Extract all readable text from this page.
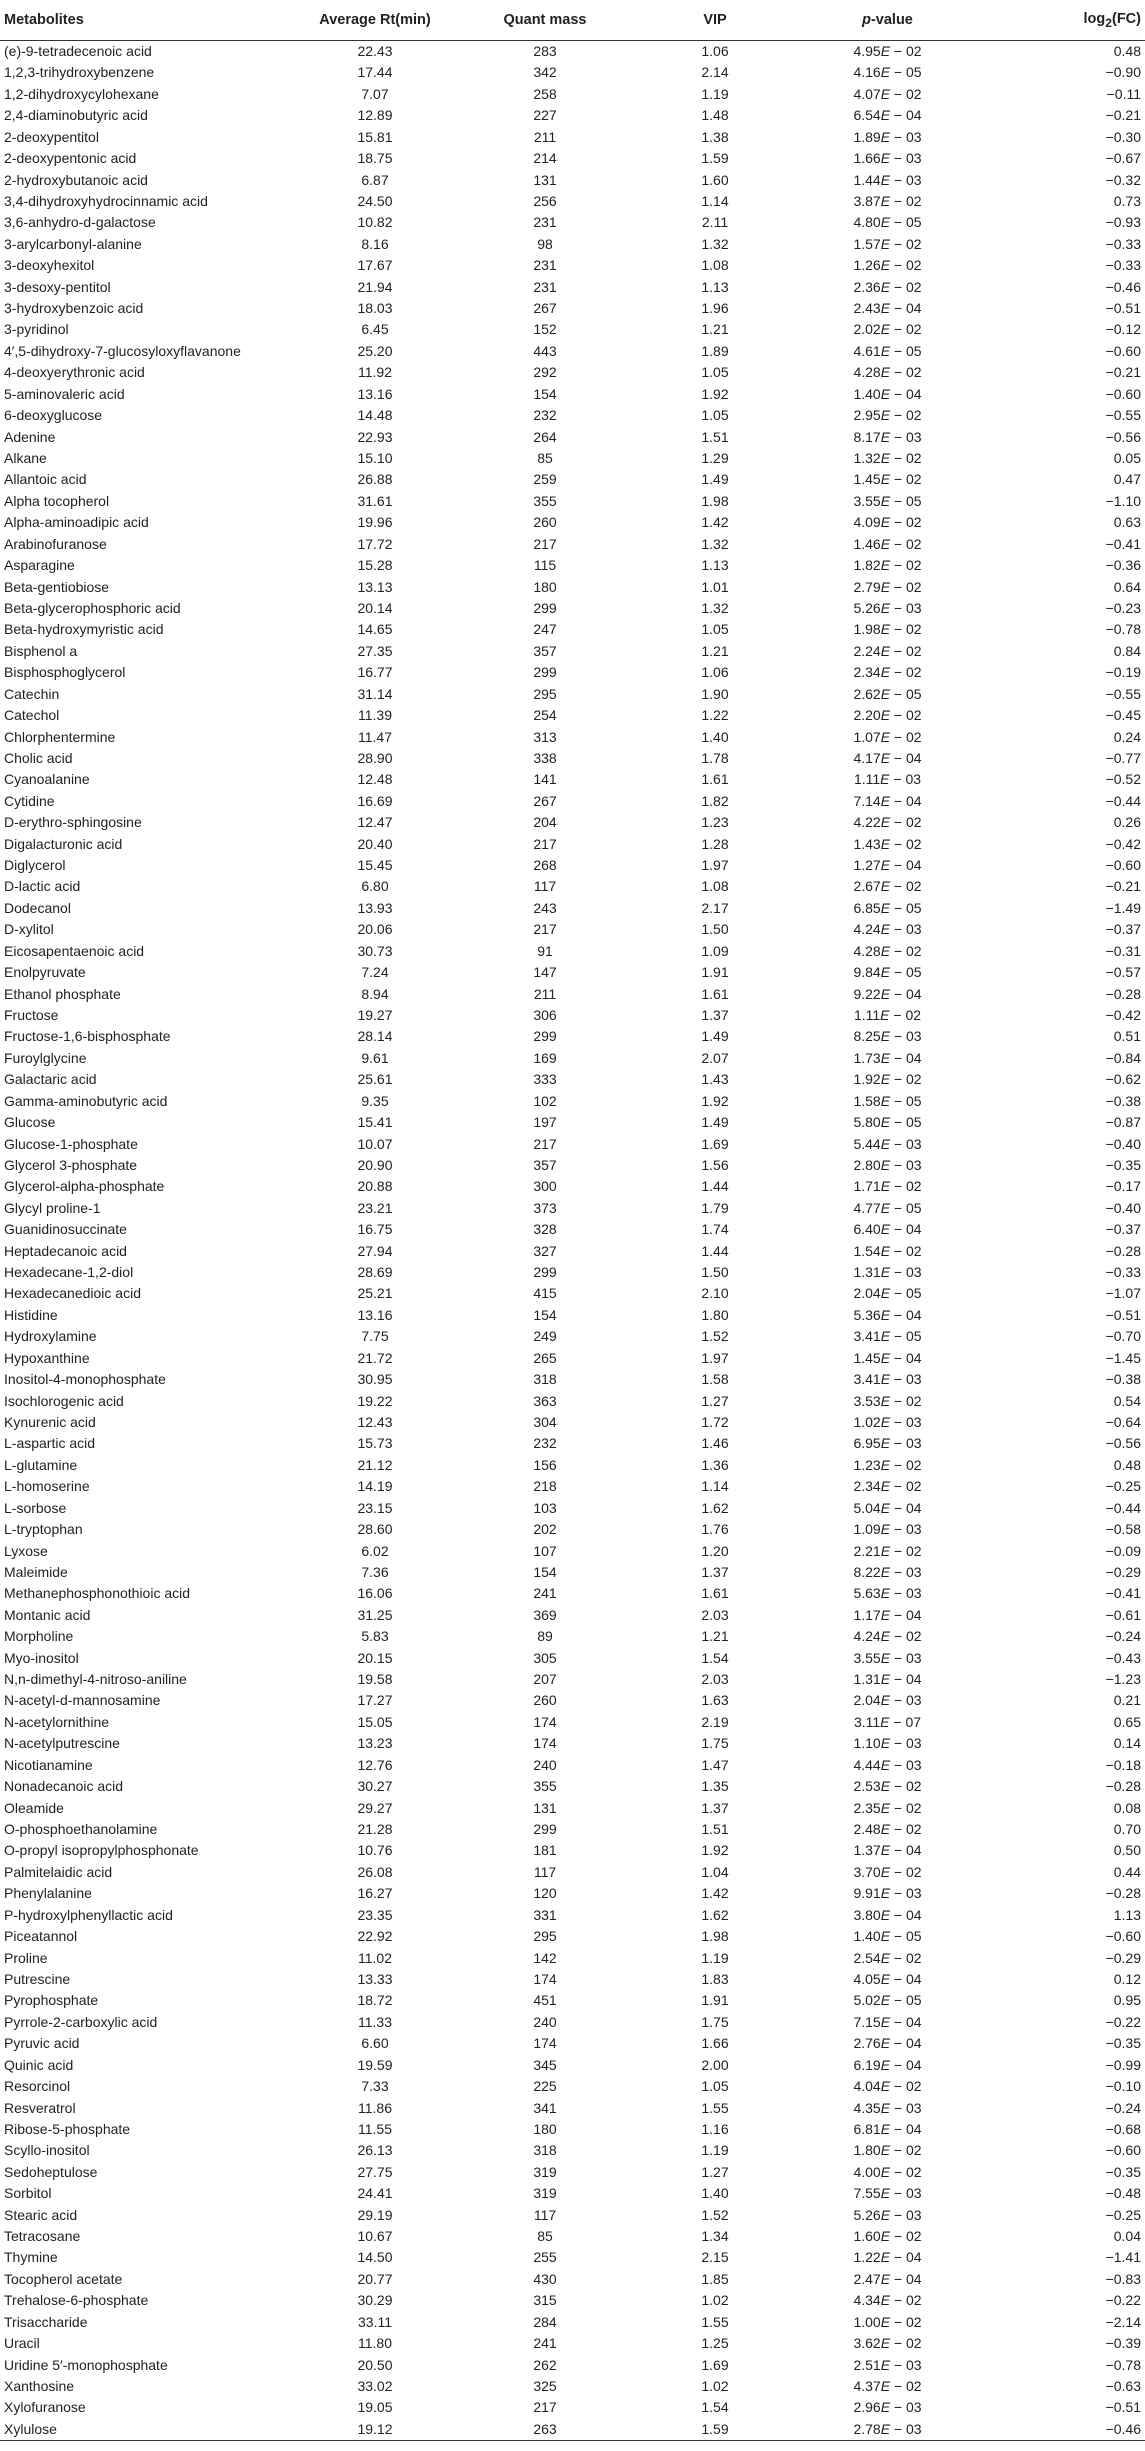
Metabolites	Average Rt(min)	Quant mass	VIP	p-value	$\log_2(FC)$
(e)-9-tetradecenoic acid	22.43	283	1.06	4.95E − 02	0.48
1,2,3-trihydroxybenzene	17.44	342	2.14	4.16E − 05	−0.90
1,2-dihydroxycylohexane	7.07	258	1.19	4.07E − 02	−0.11
2,4-diaminobutyric acid	12.89	227	1.48	6.54E − 04	−0.21
2-deoxypentitol	15.81	211	1.38	1.89E − 03	−0.30
2-deoxypentonic acid	18.75	214	1.59	1.66E − 03	−0.67
2-hydroxybutanoic acid	6.87	131	1.60	1.44E − 03	−0.32
3,4-dihydroxyhydrocinnamic acid	24.50	256	1.14	3.87E − 02	0.73
3,6-anhydro-d-galactose	10.82	231	2.11	4.80E − 05	−0.93
3-arylcarbonyl-alanine	8.16	98	1.32	1.57E − 02	−0.33
3-deoxyhexitol	17.67	231	1.08	1.26E − 02	−0.33
3-desoxy-pentitol	21.94	231	1.13	2.36E − 02	−0.46
3-hydroxybenzoic acid	18.03	267	1.96	2.43E − 04	−0.51
3-pyridinol	6.45	152	1.21	2.02E − 02	−0.12
4′,5-dihydroxy-7-glucosyloxyflavanone	25.20	443	1.89	4.61E − 05	−0.60
4-deoxyerythronic acid	11.92	292	1.05	4.28E − 02	−0.21
5-aminovaleric acid	13.16	154	1.92	1.40E − 04	−0.60
6-deoxyglucose	14.48	232	1.05	2.95E − 02	−0.55
Adenine	22.93	264	1.51	8.17E − 03	−0.56
Alkane	15.10	85	1.29	1.32E − 02	0.05
Allantoic acid	26.88	259	1.49	1.45E − 02	0.47
Alpha tocopherol	31.61	355	1.98	3.55E − 05	−1.10
Alpha-aminoadipic acid	19.96	260	1.42	4.09E − 02	0.63
Arabinofuranose	17.72	217	1.32	1.46E − 02	−0.41
Asparagine	15.28	115	1.13	1.82E − 02	−0.36
Beta-gentiobiose	13.13	180	1.01	2.79E − 02	0.64
Beta-glycerophosphoric acid	20.14	299	1.32	5.26E − 03	−0.23
Beta-hydroxymyristic acid	14.65	247	1.05	1.98E − 02	−0.78
Bisphenol a	27.35	357	1.21	2.24E − 02	0.84
Bisphosphoglycerol	16.77	299	1.06	2.34E − 02	−0.19
Catechin	31.14	295	1.90	2.62E − 05	−0.55
Catechol	11.39	254	1.22	2.20E − 02	−0.45
Chlorphentermine	11.47	313	1.40	1.07E − 02	0.24
Cholic acid	28.90	338	1.78	4.17E − 04	−0.77
Cyanoalanine	12.48	141	1.61	1.11E − 03	−0.52
Cytidine	16.69	267	1.82	7.14E − 04	−0.44
D-erythro-sphingosine	12.47	204	1.23	4.22E − 02	0.26
Digalacturonic acid	20.40	217	1.28	1.43E − 02	−0.42
Diglycerol	15.45	268	1.97	1.27E − 04	−0.60
D-lactic acid	6.80	117	1.08	2.67E − 02	−0.21
Dodecanol	13.93	243	2.17	6.85E − 05	−1.49
D-xylitol	20.06	217	1.50	4.24E − 03	−0.37
Eicosapentaenoic acid	30.73	91	1.09	4.28E − 02	−0.31
Enolpyruvate	7.24	147	1.91	9.84E − 05	−0.57
Ethanol phosphate	8.94	211	1.61	9.22E − 04	−0.28
Fructose	19.27	306	1.37	1.11E − 02	−0.42
Fructose-1,6-bisphosphate	28.14	299	1.49	8.25E − 03	0.51
Furoylglycine	9.61	169	2.07	1.73E − 04	−0.84
Galactaric acid	25.61	333	1.43	1.92E − 02	−0.62
Gamma-aminobutyric acid	9.35	102	1.92	1.58E − 05	−0.38
Glucose	15.41	197	1.49	5.80E − 05	−0.87
Glucose-1-phosphate	10.07	217	1.69	5.44E − 03	−0.40
Glycerol 3-phosphate	20.90	357	1.56	2.80E − 03	−0.35
Glycerol-alpha-phosphate	20.88	300	1.44	1.71E − 02	−0.17
Glycyl proline-1	23.21	373	1.79	4.77E − 05	−0.40
Guanidinosuccinate	16.75	328	1.74	6.40E − 04	−0.37
Heptadecanoic acid	27.94	327	1.44	1.54E − 02	−0.28
Hexadecane-1,2-diol	28.69	299	1.50	1.31E − 03	−0.33
Hexadecanedioic acid	25.21	415	2.10	2.04E − 05	−1.07
Histidine	13.16	154	1.80	5.36E − 04	−0.51
Hydroxylamine	7.75	249	1.52	3.41E − 05	−0.70
Hypoxanthine	21.72	265	1.97	1.45E − 04	−1.45
Inositol-4-monophosphate	30.95	318	1.58	3.41E − 03	−0.38
Isochlorogenic acid	19.22	363	1.27	3.53E − 02	0.54
Kynurenic acid	12.43	304	1.72	1.02E − 03	−0.64
L-aspartic acid	15.73	232	1.46	6.95E − 03	−0.56
L-glutamine	21.12	156	1.36	1.23E − 02	0.48
L-homoserine	14.19	218	1.14	2.34E − 02	−0.25
L-sorbose	23.15	103	1.62	5.04E − 04	−0.44
L-tryptophan	28.60	202	1.76	1.09E − 03	−0.58
Lyxose	6.02	107	1.20	2.21E − 02	−0.09
Maleimide	7.36	154	1.37	8.22E − 03	−0.29
Methanephosphonothioic acid	16.06	241	1.61	5.63E − 03	−0.41
Montanic acid	31.25	369	2.03	1.17E − 04	−0.61
Morpholine	5.83	89	1.21	4.24E − 02	−0.24
Myo-inositol	20.15	305	1.54	3.55E − 03	−0.43
N,n-dimethyl-4-nitroso-aniline	19.58	207	2.03	1.31E − 04	−1.23
N-acetyl-d-mannosamine	17.27	260	1.63	2.04E − 03	0.21
N-acetylornithine	15.05	174	2.19	3.11E − 07	0.65
N-acetylputrescine	13.23	174	1.75	1.10E − 03	0.14
Nicotianamine	12.76	240	1.47	4.44E − 03	−0.18
Nonadecanoic acid	30.27	355	1.35	2.53E − 02	−0.28
Oleamide	29.27	131	1.37	2.35E − 02	0.08
O-phosphoethanolamine	21.28	299	1.51	2.48E − 02	0.70
O-propyl isopropylphosphonate	10.76	181	1.92	1.37E − 04	0.50
Palmitelaidic acid	26.08	117	1.04	3.70E − 02	0.44
Phenylalanine	16.27	120	1.42	9.91E − 03	−0.28
P-hydroxylphenyllactic acid	23.35	331	1.62	3.80E − 04	1.13
Piceatannol	22.92	295	1.98	1.40E − 05	−0.60
Proline	11.02	142	1.19	2.54E − 02	−0.29
Putrescine	13.33	174	1.83	4.05E − 04	0.12
Pyrophosphate	18.72	451	1.91	5.02E − 05	0.95
Pyrrole-2-carboxylic acid	11.33	240	1.75	7.15E − 04	−0.22
Pyruvic acid	6.60	174	1.66	2.76E − 04	−0.35
Quinic acid	19.59	345	2.00	6.19E − 04	−0.99
Resorcinol	7.33	225	1.05	4.04E − 02	−0.10
Resveratrol	11.86	341	1.55	4.35E − 03	−0.24
Ribose-5-phosphate	11.55	180	1.16	6.81E − 04	−0.68
Scyllo-inositol	26.13	318	1.19	1.80E − 02	−0.60
Sedoheptulose	27.75	319	1.27	4.00E − 02	−0.35
Sorbitol	24.41	319	1.40	7.55E − 03	−0.48
Stearic acid	29.19	117	1.52	5.26E − 03	−0.25
Tetracosane	10.67	85	1.34	1.60E − 02	0.04
Thymine	14.50	255	2.15	1.22E − 04	−1.41
Tocopherol acetate	20.77	430	1.85	2.47E − 04	−0.83
Trehalose-6-phosphate	30.29	315	1.02	4.34E − 02	−0.22
Trisaccharide	33.11	284	1.55	1.00E − 02	−2.14
Uracil	11.80	241	1.25	3.62E − 02	−0.39
Uridine 5′-monophosphate	20.50	262	1.69	2.51E − 03	−0.78
Xanthosine	33.02	325	1.02	4.37E − 02	−0.63
Xylofuranose	19.05	217	1.54	2.96E − 03	−0.51
Xylulose	19.12	263	1.59	2.78E − 03	−0.46
